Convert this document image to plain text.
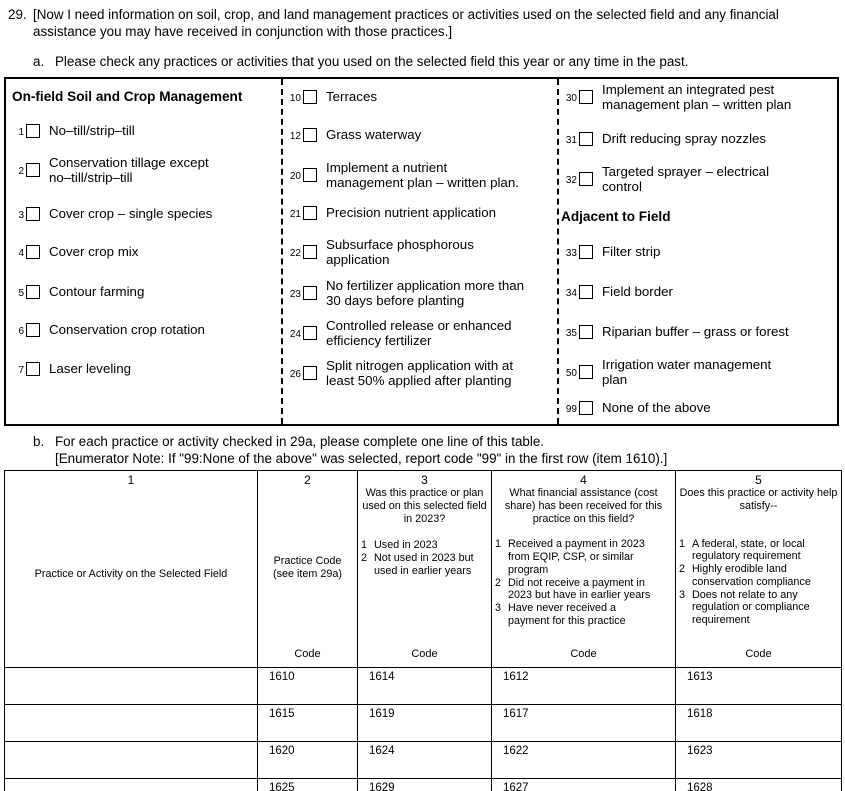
29. [Now I need information on soil, crop, and land management practices or activities used on the selected field and any financial assistance you may have received in conjunction with those practices.]
a. Please check any practices or activities that you used on the selected field this year or any time in the past.
On-field Soil and Crop Management
1 No–till/strip–till
2
Conservation tillage except no–till/strip–till
3 Cover crop – single species
4 Cover crop mix
5 Contour farming
6 Conservation crop rotation
7 Laser leveling
10 Terraces
12 Grass waterway
20
Implement a nutrient management plan – written plan.
21 Precision nutrient application
22
Subsurface phosphorous application
23
No fertilizer application more than 30 days before planting
24
Controlled release or enhanced efficiency fertilizer
26
Split nitrogen application with at least 50% applied after planting
30
Implement an integrated pest management plan – written plan
31 Drift reducing spray nozzles
32
Targeted sprayer – electrical control
Adjacent to Field
33 Filter strip
34 Field border
35 Riparian buffer – grass or forest
50
Irrigation water management plan
99 None of the above
b. For each practice or activity checked in 29a, please complete one line of this table.
[Enumerator Note: If "99:None of the above" was selected, report code "99" in the first row (item 1610).]
1
Practice or Activity on the Selected Field

2
Practice Code
(see item 29a)
Code

3
Was this practice or plan used on this selected field in 2023?
1 Used in 2023
2 Not used in 2023 but used in earlier years
Code

4
What financial assistance (cost share) has been received for this practice on this field?
1 Received a payment in 2023 from EQIP, CSP, or similar program
2 Did not receive a payment in 2023 but have in earlier years
3 Have never received a payment for this practice
Code

5
Does this practice or activity help satisfy--
1 A federal, state, or local regulatory requirement
2 Highly erodible land conservation compliance
3 Does not relate to any regulation or compliance requirement
Code

	1610	1614	1612	1613
	1615	1619	1617	1618
	1620	1624	1622	1623
	1625	1629	1627	1628
